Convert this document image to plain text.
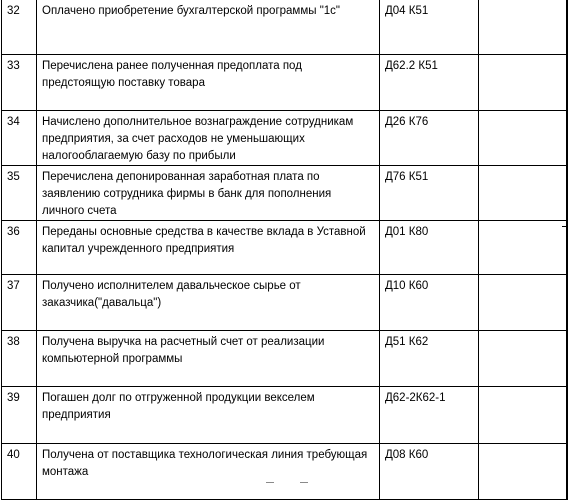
32	Оплачено приобретение бухгалтерской программы "1с"	Д04 К51		
33	Перечислена ранее полученная предоплата под предстоящую поставку товара	Д62.2 К51		
34	Начислено дополнительное вознаграждение сотрудникам предприятия, за счет расходов не уменьшающих налогооблагаемую базу по прибыли	Д26 К76		
35	Перечислена депонированная заработная плата по заявлению сотрудника фирмы в банк для пополнения личного счета	Д76 К51		
36	Переданы основные средства в качестве вклада в Уставной капитал учрежденного предприятия	Д01 К80		
37	Получено исполнителем давальческое сырье от заказчика("давальца")	Д10 К60		
38	Получена выручка на расчетный счет от реализации компьютерной программы	Д51 К62		
39	Погашен долг по отгруженной продукции векселем предприятия	Д62-2К62-1		
40	Получена от поставщика технологическая линия требующая монтажа	Д08 К60		
